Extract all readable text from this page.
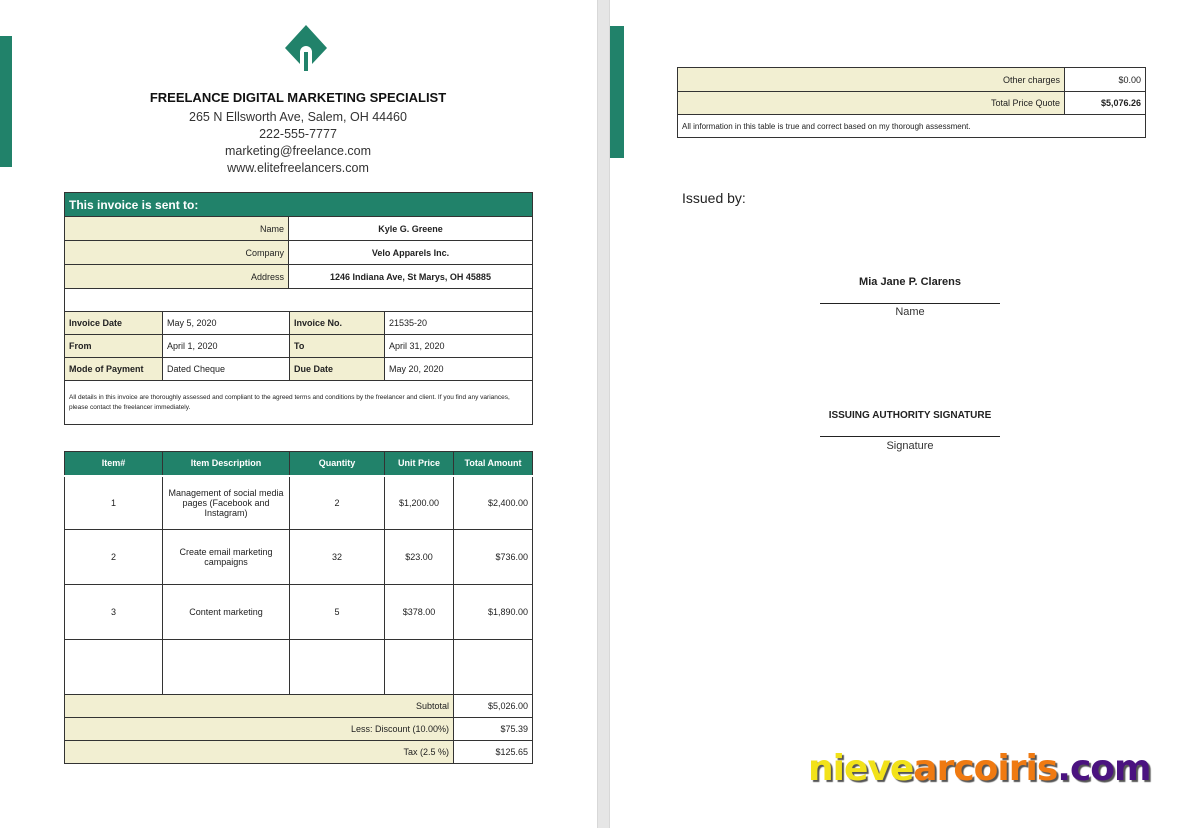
FREELANCE DIGITAL MARKETING SPECIALIST
265 N Ellsworth Ave, Salem, OH 44460
222-555-7777
marketing@freelance.com
www.elitefreelancers.com
This invoice is sent to:	
Name	Kyle G. Greene
Company	Velo Apparels Inc.
Address	1246 Indiana Ave, St Marys, OH 45885

Invoice Date	May 5, 2020	Invoice No.	21535-20
From	April 1, 2020	To	April 31, 2020
Mode of Payment	Dated Cheque	Due Date	May 20, 2020
All details in this invoice are thoroughly assessed and compliant to the agreed terms and conditions by the freelancer and client. If you find any variances, please contact the freelancer immediately.			
Item#	Item Description	Quantity	Unit Price	Total Amount
1	Management of social media pages (Facebook and Instagram)	2	$1,200.00	$2,400.00
2	Create email marketing campaigns	32	$23.00	$736.00
3	Content marketing	5	$378.00	$1,890.00

Subtotal				$5,026.00
Less: Discount (10.00%)				$75.39
Tax (2.5 %)				$125.65
Other charges	$0.00
Total Price Quote	$5,076.26
All information in this table is true and correct based on my thorough assessment.	
Issued by:
Mia Jane P. Clarens
Name
ISSUING AUTHORITY SIGNATURE
Signature
nievearcoiris.com
